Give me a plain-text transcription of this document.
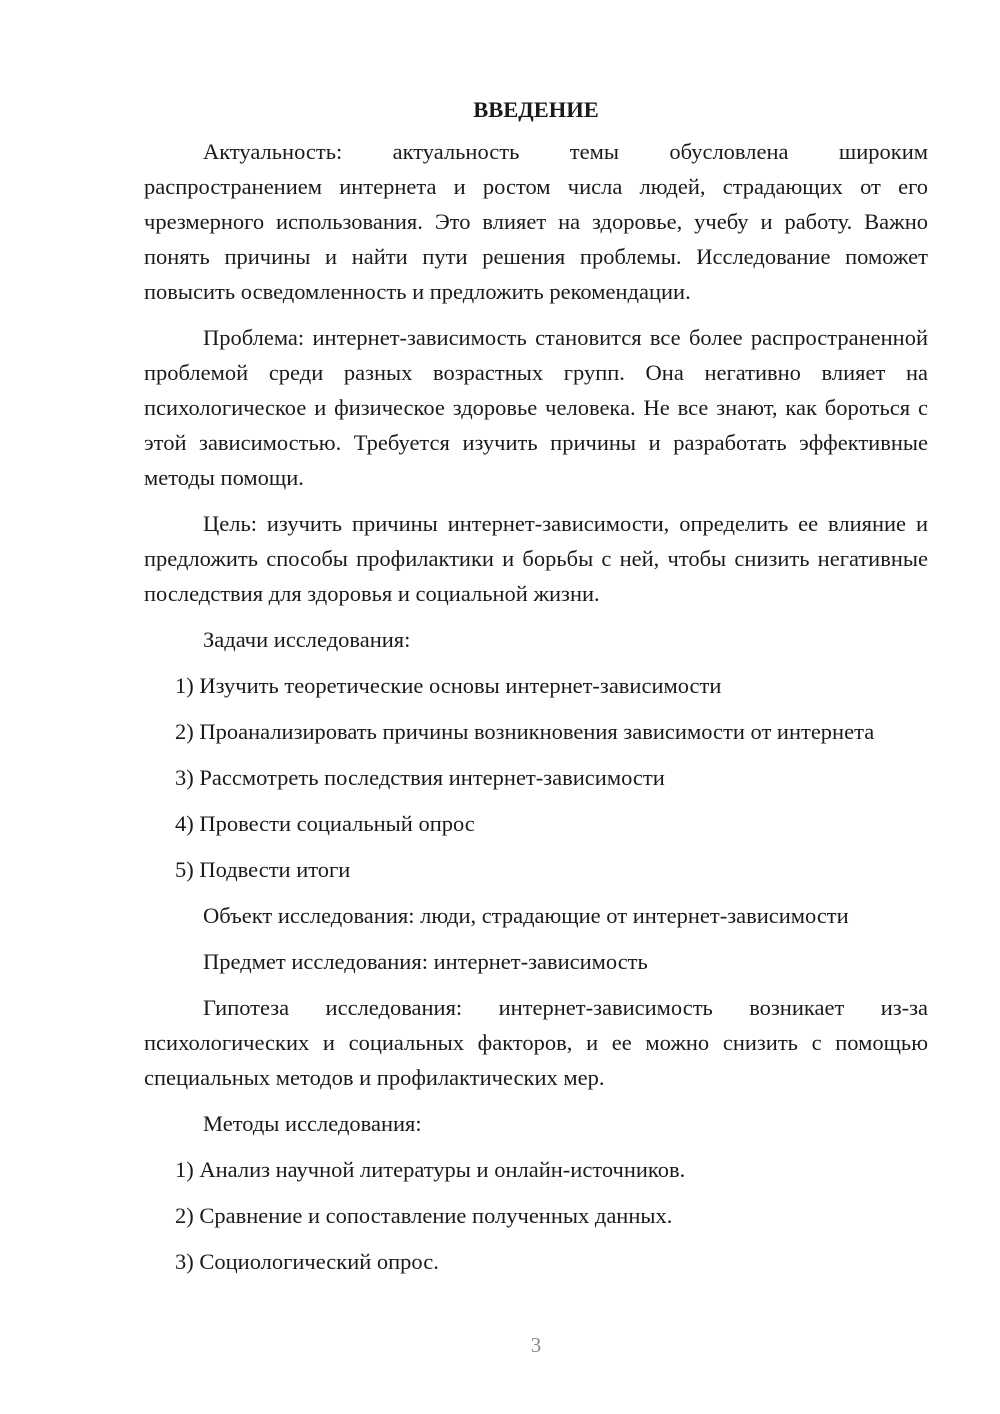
ВВЕДЕНИЕ
Актуальность: актуальность темы обусловлена широким распространением интернета и ростом числа людей, страдающих от его чрезмерного использования. Это влияет на здоровье, учебу и работу. Важно понять причины и найти пути решения проблемы. Исследование поможет повысить осведомленность и предложить рекомендации.
Проблема: интернет-зависимость становится все более распространенной проблемой среди разных возрастных групп. Она негативно влияет на психологическое и физическое здоровье человека. Не все знают, как бороться с этой зависимостью. Требуется изучить причины и разработать эффективные методы помощи.
Цель: изучить причины интернет-зависимости, определить ее влияние и предложить способы профилактики и борьбы с ней, чтобы снизить негативные последствия для здоровья и социальной жизни.
Задачи исследования:
1) Изучить теоретические основы интернет-зависимости
2) Проанализировать причины возникновения зависимости от интернета
3) Рассмотреть последствия интернет-зависимости
4) Провести социальный опрос
5) Подвести итоги
Объект исследования: люди, страдающие от интернет-зависимости
Предмет исследования: интернет-зависимость
Гипотеза исследования: интернет-зависимость возникает из-за психологических и социальных факторов, и ее можно снизить с помощью специальных методов и профилактических мер.
Методы исследования:
1) Анализ научной литературы и онлайн-источников.
2) Сравнение и сопоставление полученных данных.
3) Социологический опрос.
3
